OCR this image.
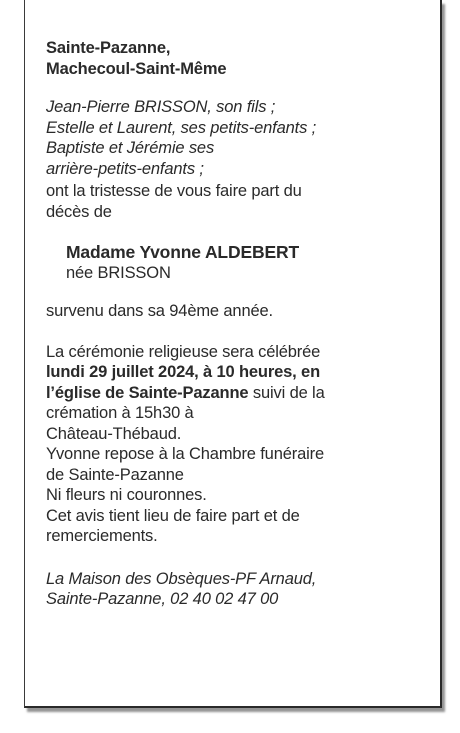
Sainte-Pazanne,

Machecoul-Saint-Même

Jean-Pierre BRISSON, son fils ;

Estelle et Laurent, ses petits-enfants ;

Baptiste et Jérémie ses

arrière-petits-enfants ;

ont la tristesse de vous faire part du

décès de

Madame Yvonne ALDEBERT

née BRISSON

survenu dans sa 94ème année.

La cérémonie religieuse sera célébrée

lundi 29 juillet 2024, à 10 heures, en

l’église de Sainte-Pazanne suivi de la

crémation à 15h30 à

Château-Thébaud.

Yvonne repose à la Chambre funéraire

de Sainte-Pazanne

Ni fleurs ni couronnes.

Cet avis tient lieu de faire part et de

remerciements.

La Maison des Obsèques-PF Arnaud,

Sainte-Pazanne, 02 40 02 47 00
